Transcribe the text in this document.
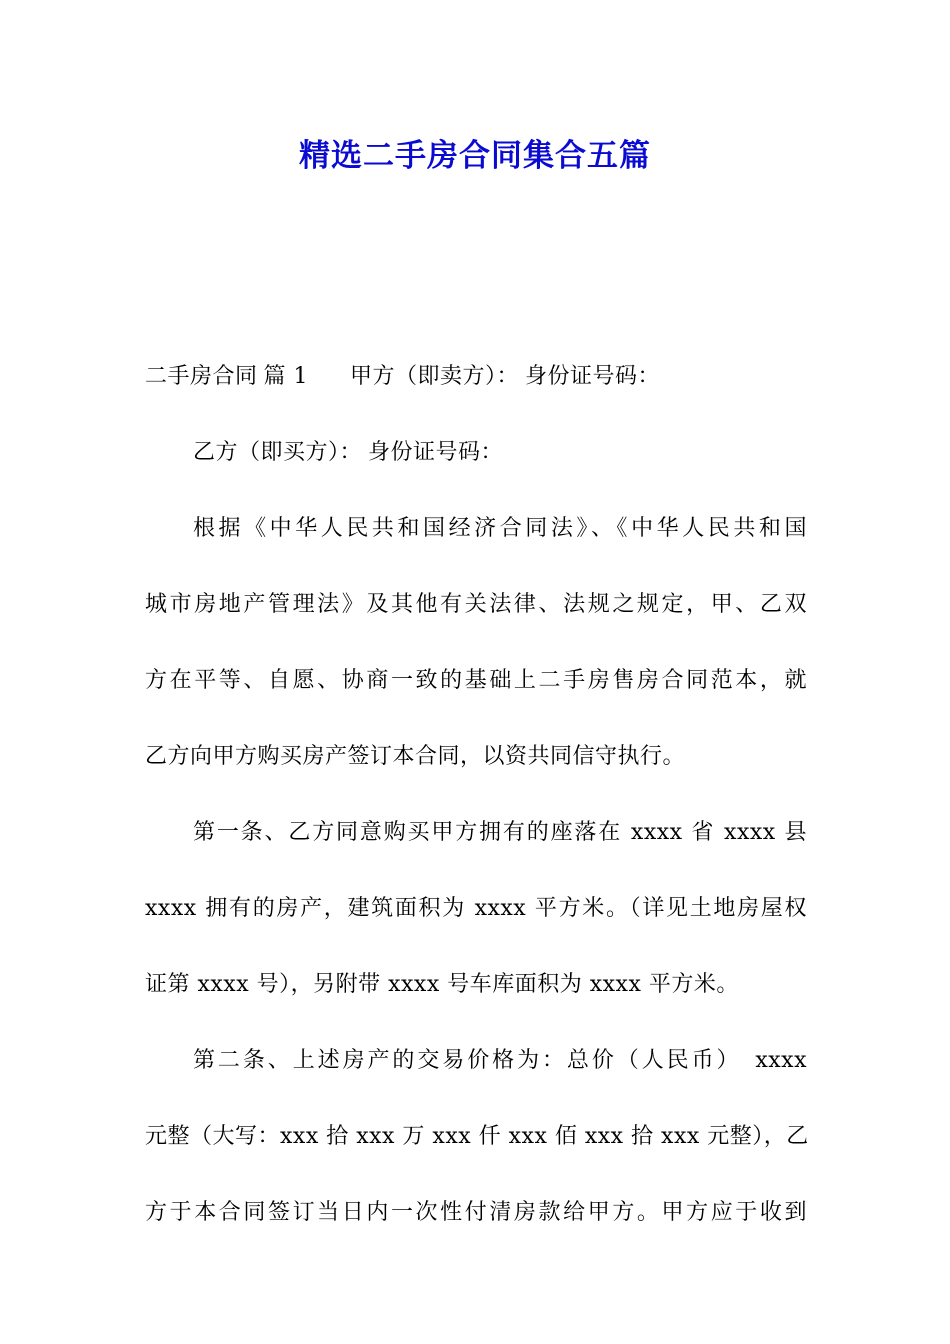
精选二手房合同集合五篇
二手房合同 篇 1 甲方（即卖方）： 身份证号码：
乙方（即买方）： 身份证号码：
根据《中华人民共和国经济合同法》、《中华人民共和国
城市房地产管理法》及其他有关法律、法规之规定，甲、乙双
方在平等、自愿、协商一致的基础上二手房售房合同范本，就
乙方向甲方购买房产签订本合同，以资共同信守执行。
第一条、乙方同意购买甲方拥有的座落在 xxxx 省 xxxx 县
xxxx 拥有的房产，建筑面积为 xxxx 平方米。（详见土地房屋权
证第 xxxx 号），另附带 xxxx 号车库面积为 xxxx 平方米。
第二条、上述房产的交易价格为：总价（人民币）　xxxx
元整（大写：xxx 拾 xxx 万 xxx 仟 xxx 佰 xxx 拾 xxx 元整），乙
方于本合同签订当日内一次性付清房款给甲方。甲方应于收到
